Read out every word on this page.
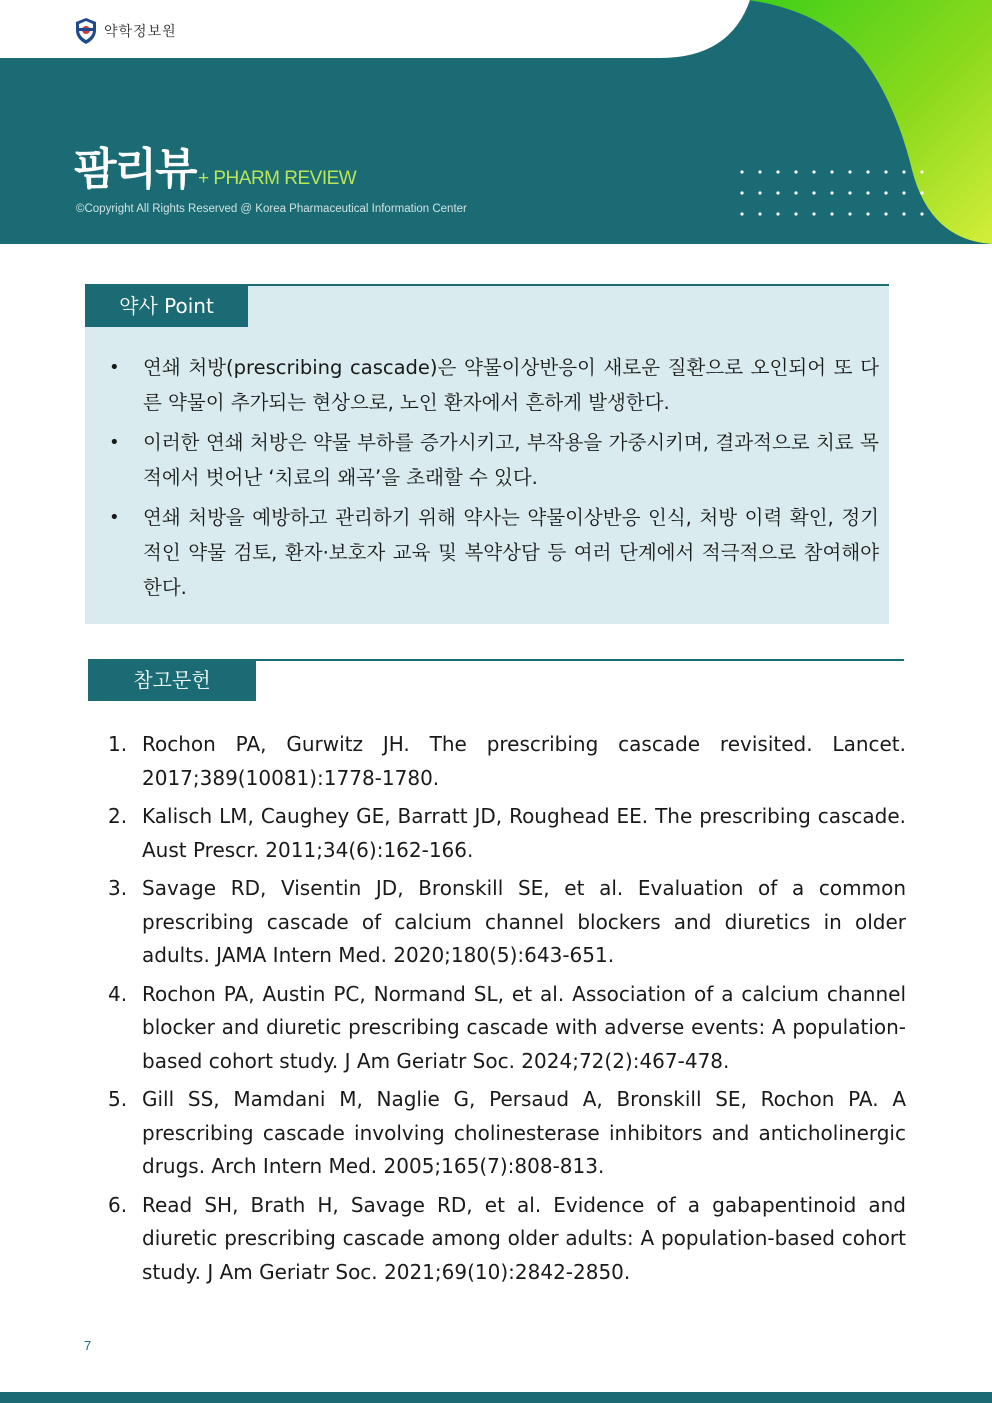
약학정보원
팜리뷰 + PHARM REVIEW
©Copyright All Rights Reserved @ Korea Pharmaceutical Information Center
약사 Point
• 연쇄 처방(prescribing cascade)은 약물이상반응이 새로운 질환으로 오인되어 또 다른 약물이 추가되는 현상으로, 노인 환자에서 흔하게 발생한다.
• 이러한 연쇄 처방은 약물 부하를 증가시키고, 부작용을 가중시키며, 결과적으로 치료 목적에서 벗어난 ‘치료의 왜곡’을 초래할 수 있다.
• 연쇄 처방을 예방하고 관리하기 위해 약사는 약물이상반응 인식, 처방 이력 확인, 정기적인 약물 검토, 환자·보호자 교육 및 복약상담 등 여러 단계에서 적극적으로 참여해야 한다.
참고문헌
1. Rochon PA, Gurwitz JH. The prescribing cascade revisited. Lancet. 2017;389(10081):1778-1780.
2. Kalisch LM, Caughey GE, Barratt JD, Roughead EE. The prescribing cascade. Aust Prescr. 2011;34(6):162-166.
3. Savage RD, Visentin JD, Bronskill SE, et al. Evaluation of a common prescribing cascade of calcium channel blockers and diuretics in older adults. JAMA Intern Med. 2020;180(5):643-651.
4. Rochon PA, Austin PC, Normand SL, et al. Association of a calcium channel blocker and diuretic prescribing cascade with adverse events: A population-based cohort study. J Am Geriatr Soc. 2024;72(2):467-478.
5. Gill SS, Mamdani M, Naglie G, Persaud A, Bronskill SE, Rochon PA. A prescribing cascade involving cholinesterase inhibitors and anticholinergic drugs. Arch Intern Med. 2005;165(7):808-813.
6. Read SH, Brath H, Savage RD, et al. Evidence of a gabapentinoid and diuretic prescribing cascade among older adults: A population-based cohort study. J Am Geriatr Soc. 2021;69(10):2842-2850.
7
